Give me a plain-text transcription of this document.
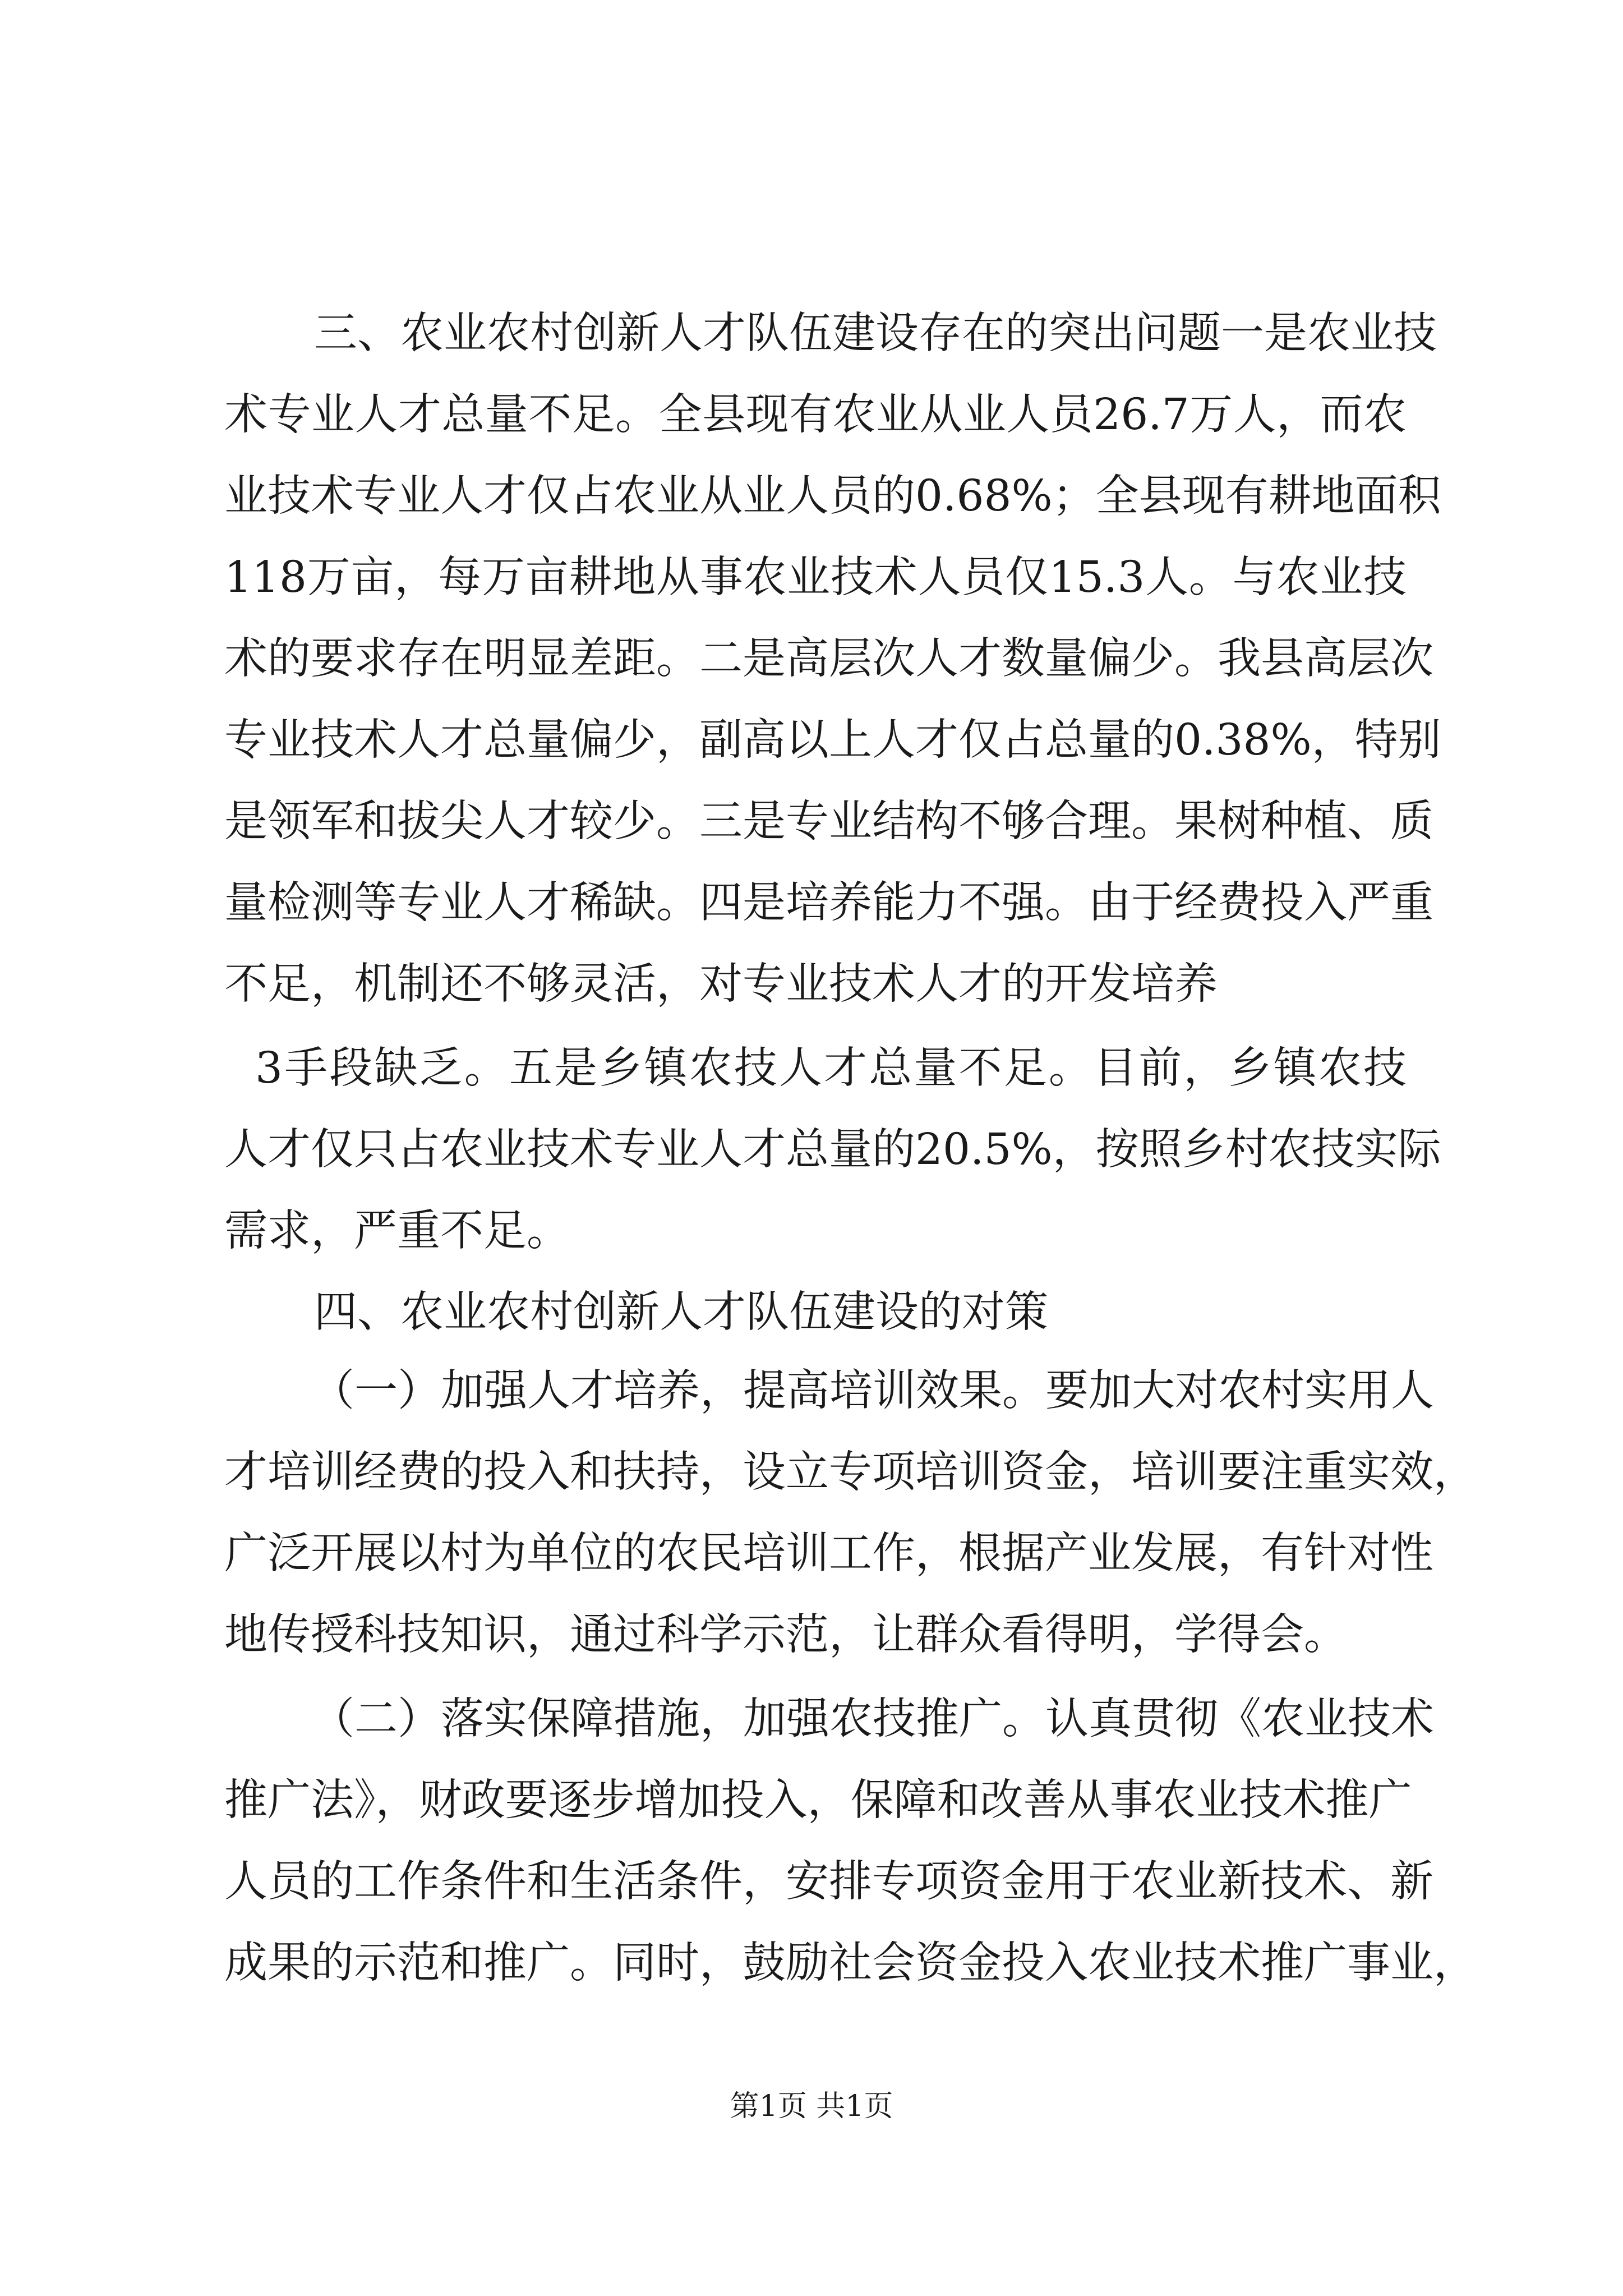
三、农业农村创新人才队伍建设存在的突出问题一是农业技
术专业人才总量不足。全县现有农业从业人员26.7万人，而农
业技术专业人才仅占农业从业人员的0.68%；全县现有耕地面积
118万亩，每万亩耕地从事农业技术人员仅15.3人。与农业技
术的要求存在明显差距。二是高层次人才数量偏少。我县高层次
专业技术人才总量偏少，副高以上人才仅占总量的0.38%，特别
是领军和拔尖人才较少。三是专业结构不够合理。果树种植、质
量检测等专业人才稀缺。四是培养能力不强。由于经费投入严重
不足，机制还不够灵活，对专业技术人才的开发培养
3手段缺乏。五是乡镇农技人才总量不足。目前，乡镇农技
人才仅只占农业技术专业人才总量的20.5%，按照乡村农技实际
需求，严重不足。
四、农业农村创新人才队伍建设的对策
（一）加强人才培养，提高培训效果。要加大对农村实用人
才培训经费的投入和扶持，设立专项培训资金，培训要注重实效，
广泛开展以村为单位的农民培训工作，根据产业发展，有针对性
地传授科技知识，通过科学示范，让群众看得明，学得会。
（二）落实保障措施，加强农技推广。认真贯彻《农业技术
推广法》，财政要逐步增加投入，保障和改善从事农业技术推广
人员的工作条件和生活条件，安排专项资金用于农业新技术、新
成果的示范和推广。同时，鼓励社会资金投入农业技术推广事业，
第1页 共1页
